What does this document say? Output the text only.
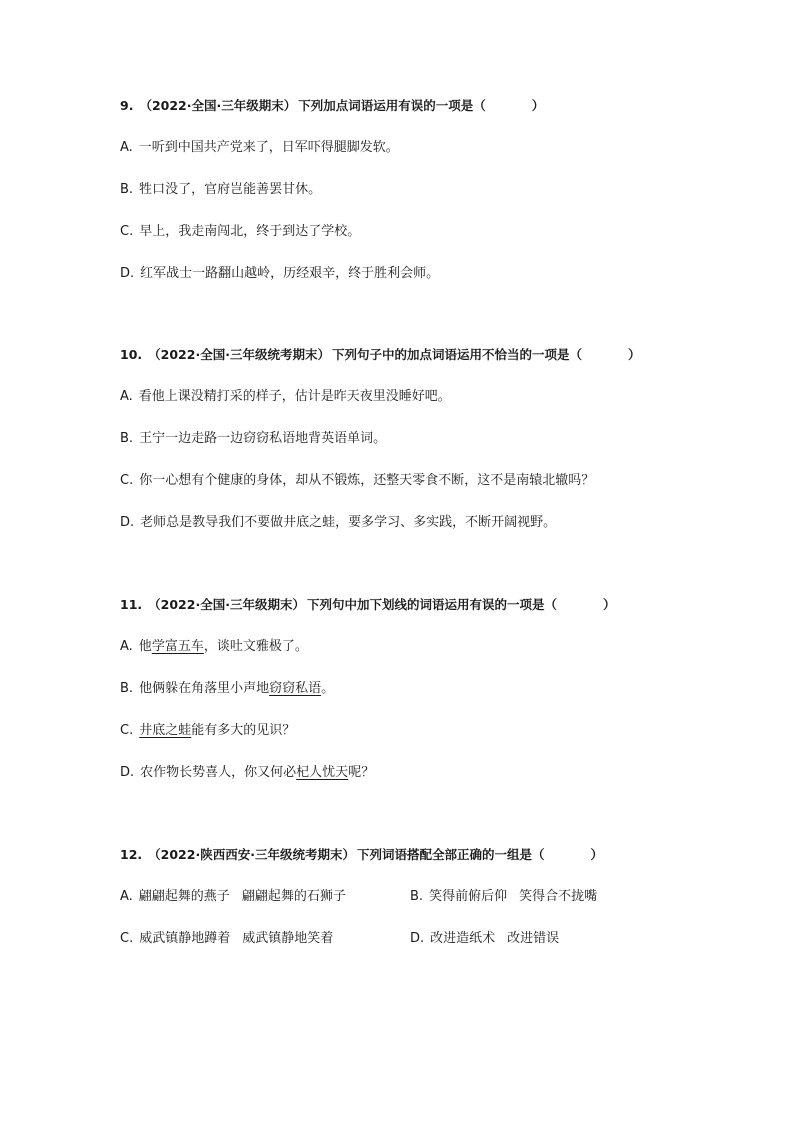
9. （2022·全国·三年级期末） 下列加点词语运用有误的一项是（	）
A. 一听到中国共产党来了，日军吓得腿脚发软。
B. 牲口没了，官府岂能善罢甘休。
C. 早上，我走南闯北，终于到达了学校。
D. 红军战士一路翻山越岭，历经艰辛，终于胜利会师。
10. （2022·全国·三年级统考期末） 下列句子中的加点词语运用不恰当的一项是（	）
A. 看他上课没精打采的样子，估计是昨天夜里没睡好吧。
B. 王宁一边走路一边窃窃私语地背英语单词。
C. 你一心想有个健康的身体，却从不锻炼，还整天零食不断，这不是南辕北辙吗？
D. 老师总是教导我们不要做井底之蛙，要多学习、多实践，不断开阔视野。
11. （2022·全国·三年级期末） 下列句中加下划线的词语运用有误的一项是（	）
A. 他学富五车，谈吐文雅极了。
B. 他俩躲在角落里小声地窃窃私语。
C. 井底之蛙能有多大的见识？
D. 农作物长势喜人，你又何必杞人忧天呢？
12. （2022·陕西西安·三年级统考期末） 下列词语搭配全部正确的一组是（	）
A. 翩翩起舞的燕子 翩翩起舞的石狮子	B. 笑得前俯后仰 笑得合不拢嘴
C. 威武镇静地蹲着 威武镇静地笑着	D. 改进造纸术 改进错误
